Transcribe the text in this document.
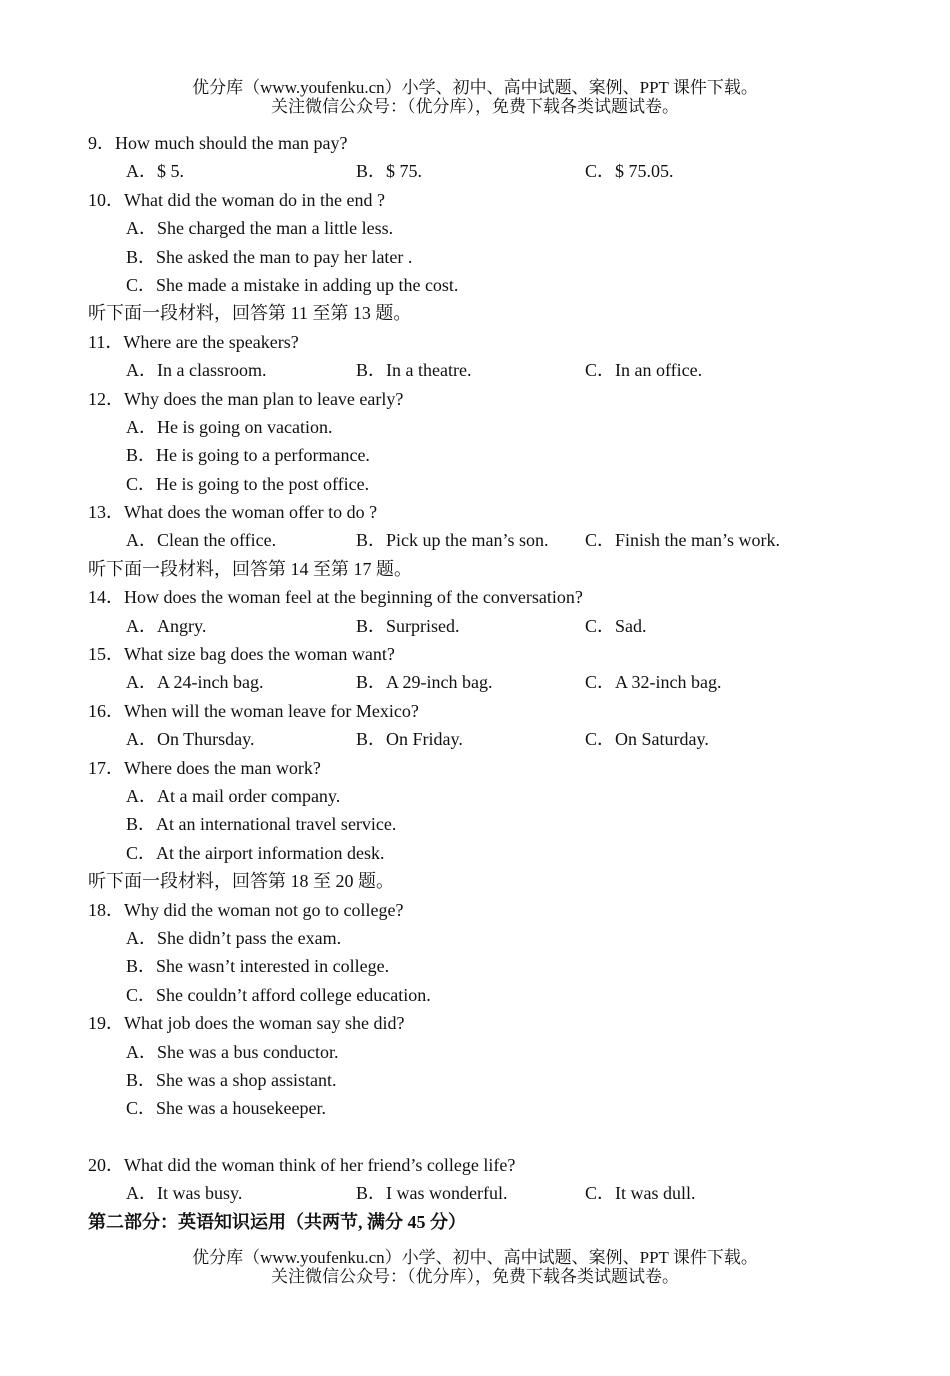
优分库（www.youfenku.cn）小学、初中、高中试题、案例、PPT 课件下载。
关注微信公众号：（优分库），免费下载各类试题试卷。
9．How much should the man pay?
A．$ 5.	B．$ 75.	C．$ 75.05.
10．What did the woman do in the end ?
A．She charged the man a little less.
B．She asked the man to pay her later .
C．She made a mistake in adding up the cost.
听下面一段材料，回答第 11 至第 13 题。
11．Where are the speakers?
A．In a classroom.	B．In a theatre.	C．In an office.
12．Why does the man plan to leave early?
A．He is going on vacation.
B．He is going to a performance.
C．He is going to the post office.
13．What does the woman offer to do ?
A．Clean the office.	B．Pick up the man’s son. C．Finish the man’s work.
听下面一段材料，回答第 14 至第 17 题。
14．How does the woman feel at the beginning of the conversation?
A．Angry.	B．Surprised.	C．Sad.
15．What size bag does the woman want?
A．A 24-inch bag.	B．A 29-inch bag.	C．A 32-inch bag.
16．When will the woman leave for Mexico?
A．On Thursday.	B．On Friday.	C．On Saturday.
17．Where does the man work?
A．At a mail order company.
B．At an international travel service.
C．At the airport information desk.
听下面一段材料，回答第 18 至 20 题。
18．Why did the woman not go to college?
A．She didn’t pass the exam.
B．She wasn’t interested in college.
C．She couldn’t afford college education.
19．What job does the woman say she did?
A．She was a bus conductor.
B．She was a shop assistant.
C．She was a housekeeper.
20．What did the woman think of her friend’s college life?
A．It was busy.	B．I was wonderful.	C．It was dull.
第二部分：英语知识运用（共两节, 满分 45 分）
优分库（www.youfenku.cn）小学、初中、高中试题、案例、PPT 课件下载。
关注微信公众号：（优分库），免费下载各类试题试卷。
